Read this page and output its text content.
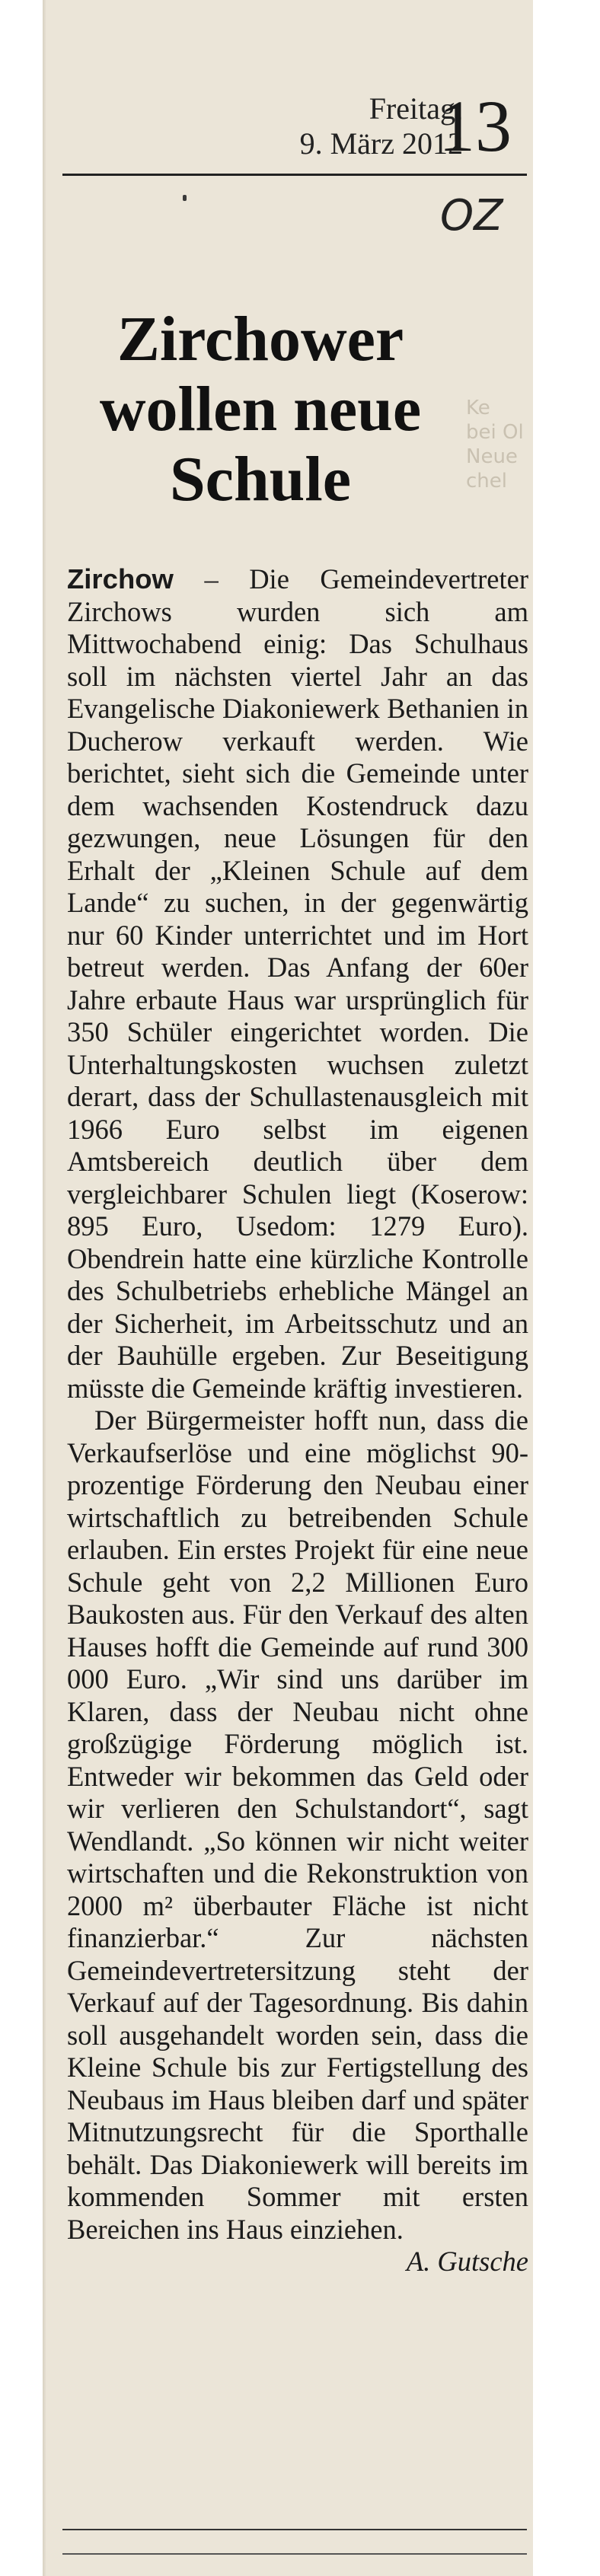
Freitag,
9. März 2012
13
OZ
Ke
bei Ol
Neue
chel
Zirchower wollen neue Schule

Zirchow – Die Gemeindevertreter Zirchows wurden sich am Mittwochabend einig: Das Schulhaus soll im nächsten viertel Jahr an das Evangelische Diakoniewerk Bethanien in Ducherow verkauft werden. Wie berichtet, sieht sich die Gemeinde unter dem wachsenden Kostendruck dazu gezwungen, neue Lösungen für den Erhalt der „Kleinen Schule auf dem Lande“ zu suchen, in der gegenwärtig nur 60 Kinder unterrichtet und im Hort betreut werden. Das Anfang der 60er Jahre erbaute Haus war ursprünglich für 350 Schüler eingerichtet worden. Die Unterhaltungskosten wuchsen zuletzt derart, dass der Schullastenausgleich mit 1966 Euro selbst im eigenen Amtsbereich deutlich über dem vergleichbarer Schulen liegt (Koserow: 895 Euro, Usedom: 1279 Euro). Obendrein hatte eine kürzliche Kontrolle des Schulbetriebs erhebliche Mängel an der Sicherheit, im Arbeitsschutz und an der Bauhülle ergeben. Zur Beseitigung müsste die Gemeinde kräftig investieren.

Der Bürgermeister hofft nun, dass die Verkaufserlöse und eine möglichst 90-prozentige Förderung den Neubau einer wirtschaftlich zu betreibenden Schule erlauben. Ein erstes Projekt für eine neue Schule geht von 2,2 Millionen Euro Baukosten aus. Für den Verkauf des alten Hauses hofft die Gemeinde auf rund 300 000 Euro. „Wir sind uns darüber im Klaren, dass der Neubau nicht ohne großzügige Förderung möglich ist. Entweder wir bekommen das Geld oder wir verlieren den Schulstandort“, sagt Wendlandt. „So können wir nicht weiter wirtschaften und die Rekonstruktion von 2000 m² überbauter Fläche ist nicht finanzierbar.“ Zur nächsten Gemeindevertretersitzung steht der Verkauf auf der Tagesordnung. Bis dahin soll ausgehandelt worden sein, dass die Kleine Schule bis zur Fertigstellung des Neubaus im Haus bleiben darf und später Mitnutzungsrecht für die Sporthalle behält. Das Diakoniewerk will bereits im kommenden Sommer mit ersten Bereichen ins Haus einziehen.
A. Gutsche
